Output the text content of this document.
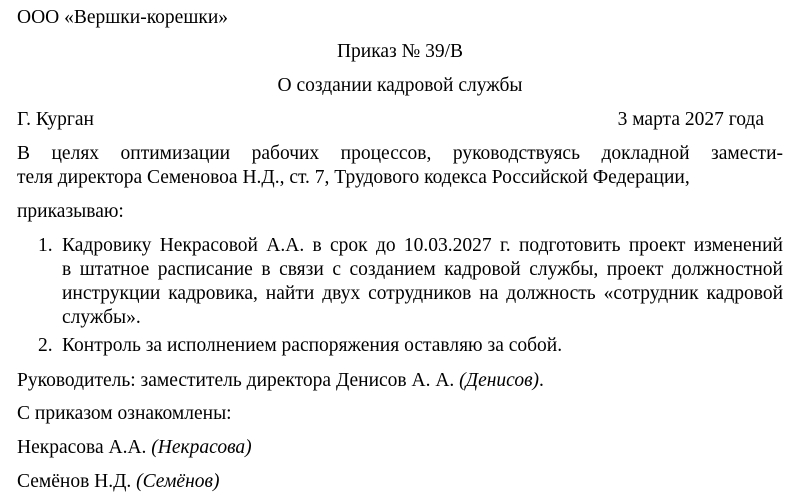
ООО «Вершки-корешки»
Приказ № 39/В
О создании кадровой службы
Г. Курган	3 марта 2027 года
В целях оптимизации рабочих процессов, руководствуясь докладной замести-
теля директора Семеновоа Н.Д., ст. 7, Трудового кодекса Российской Федерации,
приказываю:
1. Кадровику Некрасовой А.А. в срок до 10.03.2027 г. подготовить проект изменений
в штатное расписание в связи с созданием кадровой службы, проект должностной
инструкции кадровика, найти двух сотрудников на должность «сотрудник кадровой
службы».
2. Контроль за исполнением распоряжения оставляю за собой.
Руководитель: заместитель директора Денисов А. А. (Денисов).
С приказом ознакомлены:
Некрасова А.А. (Некрасова)
Семёнов Н.Д. (Семёнов)
